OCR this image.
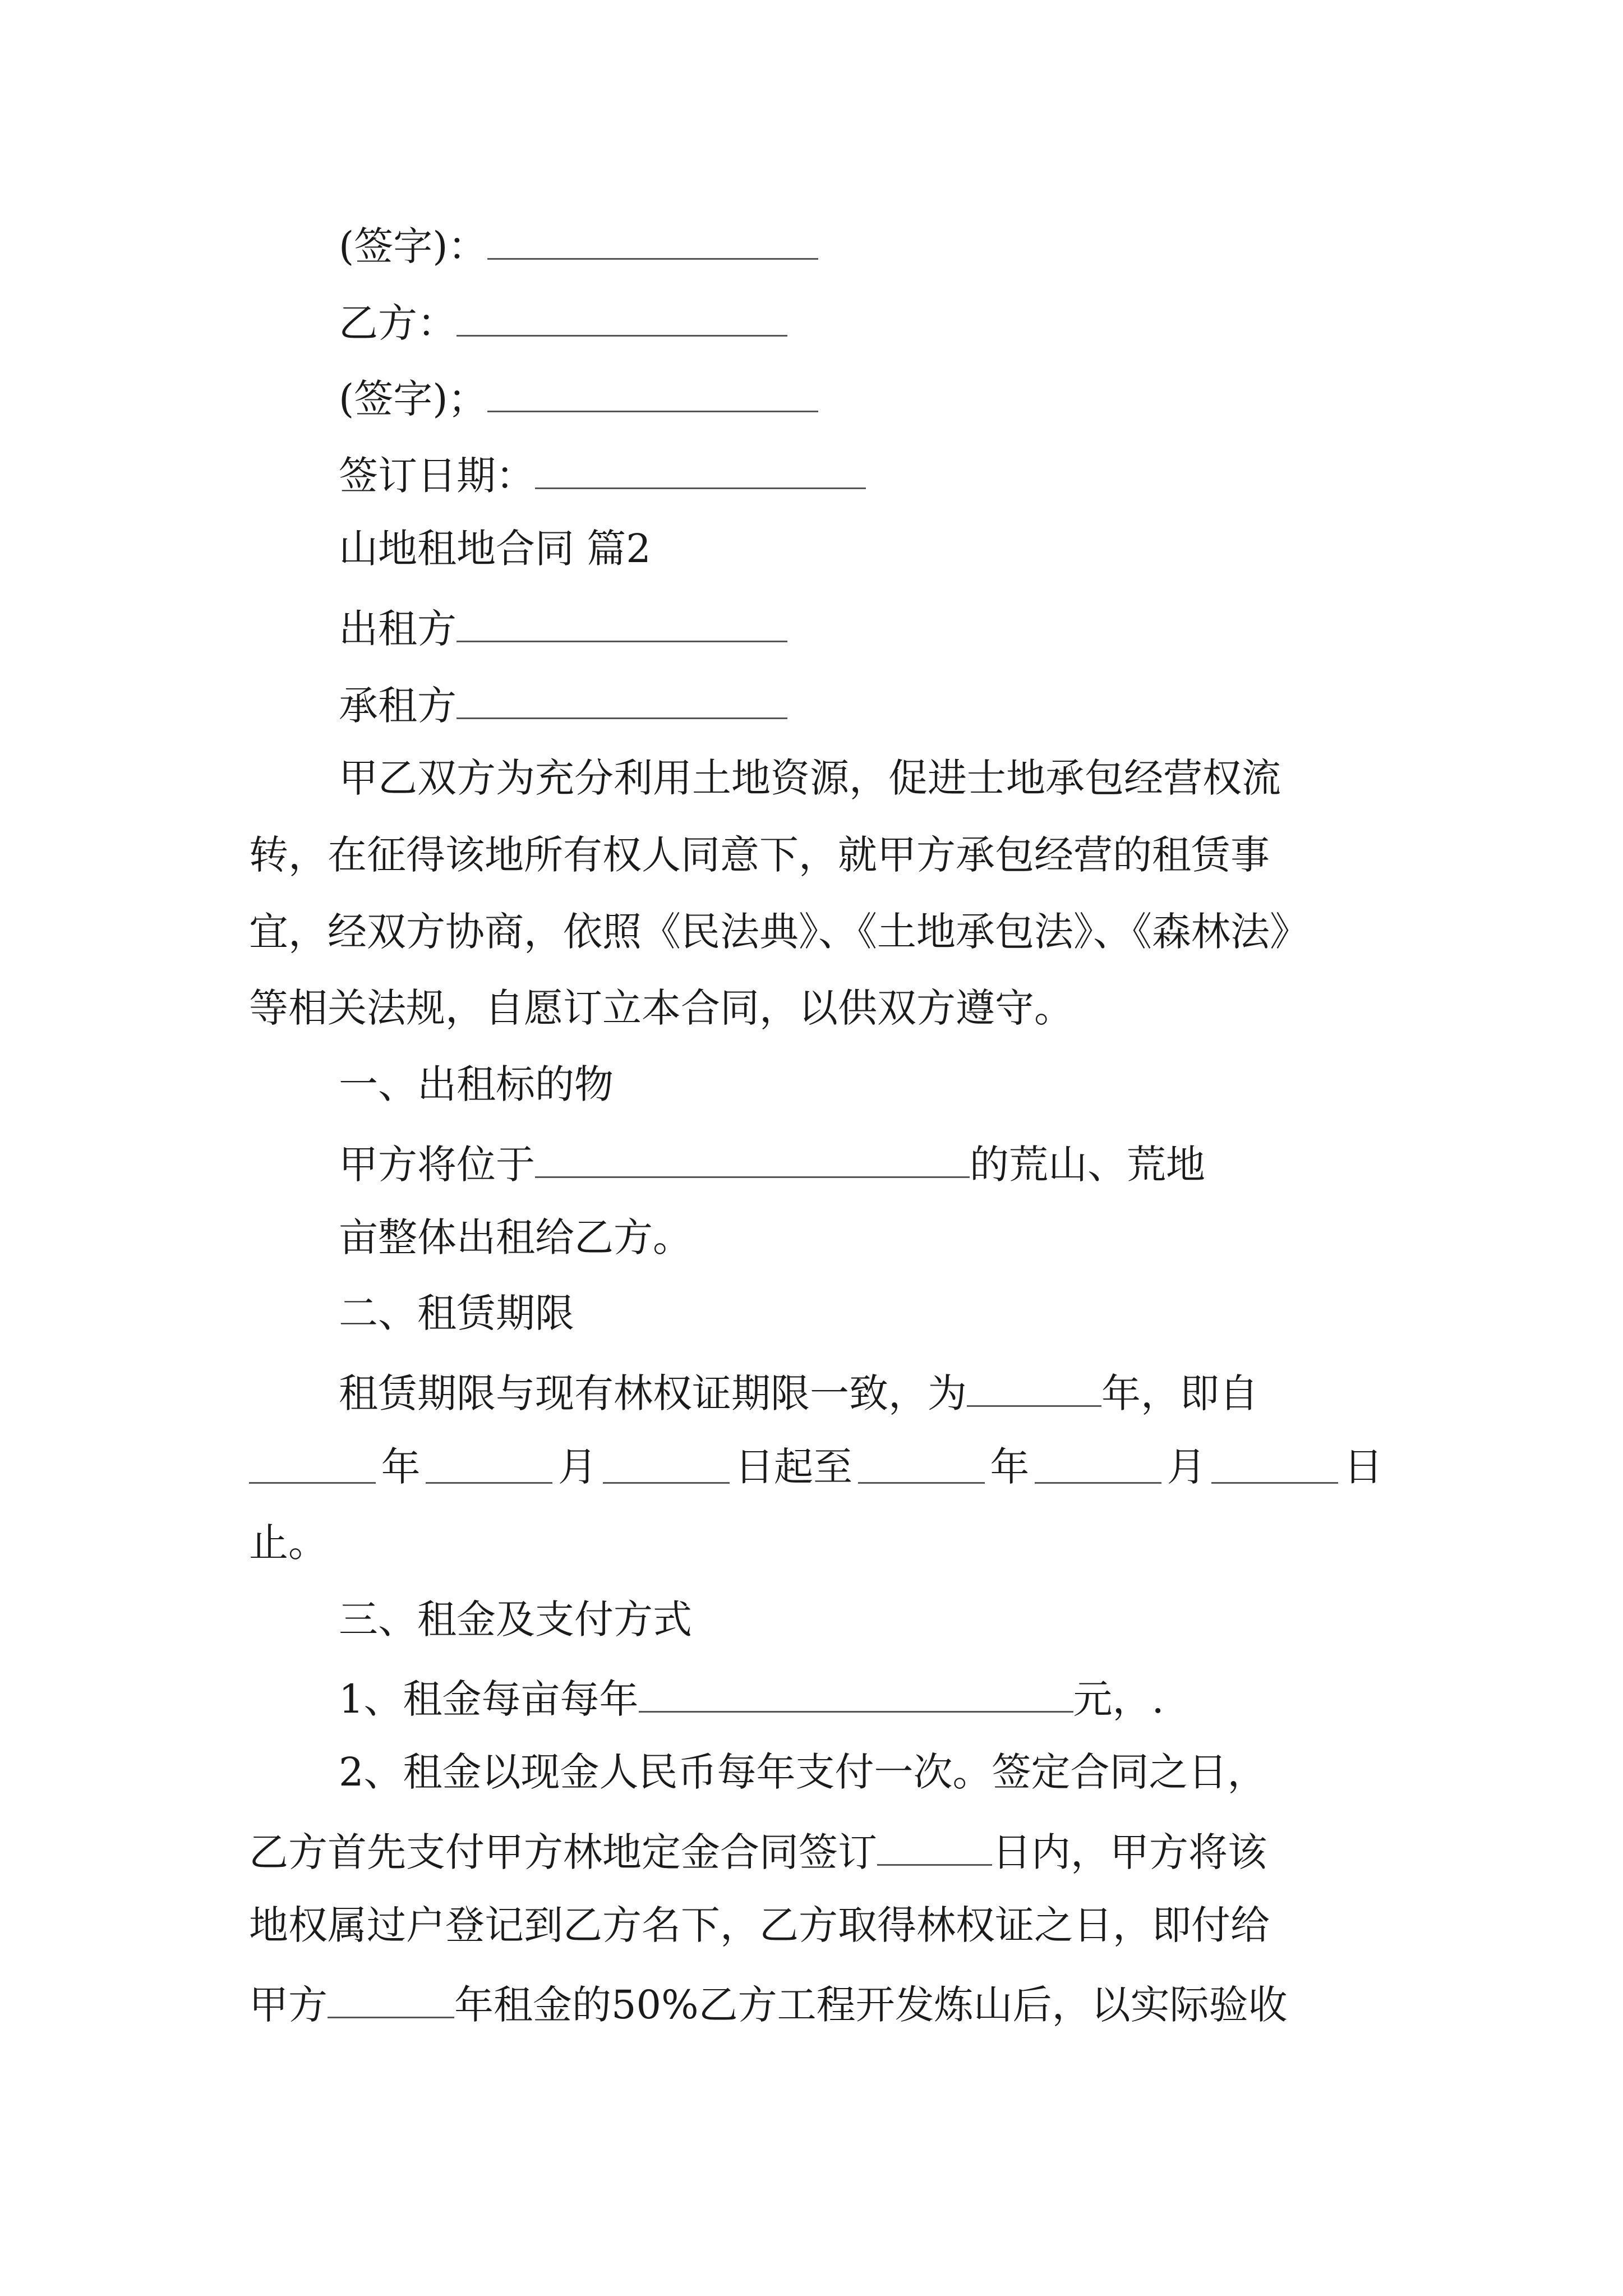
(签字)：
乙方：
(签字)；
签订日期：
山地租地合同 篇2
出租方
承租方
甲乙双方为充分利用土地资源，促进士地承包经营权流
转，在征得该地所有权人同意下，就甲方承包经营的租赁事
宜，经双方协商，依照《民法典》、《土地承包法》、《森林法》
等相关法规，自愿订立本合同，以供双方遵守。
一、出租标的物
甲方将位于	的荒山、荒地
亩整体出租给乙方。
二、租赁期限
租赁期限与现有林权证期限一致，为	年，即自
年	月	日起至	年	月	日
止。
三、租金及支付方式
1、租金每亩每年	元，.
2、租金以现金人民币每年支付一次。签定合同之日，
乙方首先支付甲方林地定金合同签订	日内，甲方将该
地权属过户登记到乙方名下，乙方取得林权证之日，即付给
甲方	年租金的50%乙方工程开发炼山后，以实际验收
